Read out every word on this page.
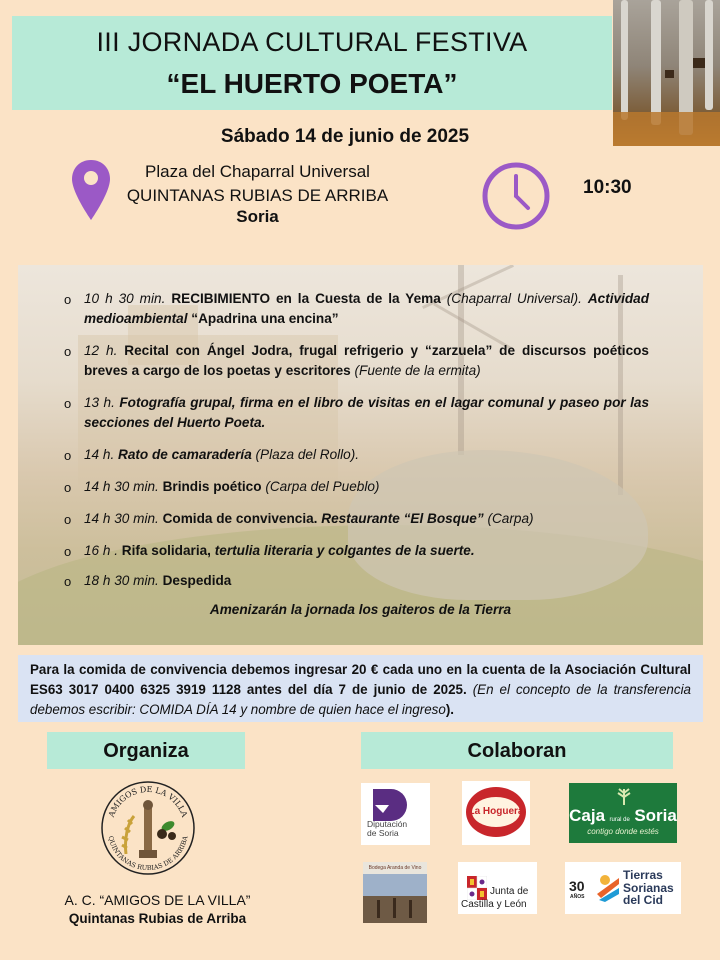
III JORNADA CULTURAL FESTIVA
“EL HUERTO POETA”
Sábado 14 de junio de 2025
Plaza del Chaparral Universal
QUINTANAS RUBIAS DE ARRIBA
Soria
10:30
o 10 h 30 min. RECIBIMIENTO en la Cuesta de la Yema (Chaparral Universal). Actividad medioambiental “Apadrina una encina”
o 12 h. Recital con Ángel Jodra, frugal refrigerio y “zarzuela” de discursos poéticos breves a cargo de los poetas y escritores (Fuente de la ermita)
o 13 h. Fotografía grupal, firma en el libro de visitas en el lagar comunal y paseo por las secciones del Huerto Poeta.
o 14 h. Rato de camaradería (Plaza del Rollo).
o 14 h 30 min. Brindis poético (Carpa del Pueblo)
o 14 h 30 min. Comida de convivencia. Restaurante “El Bosque” (Carpa)
o 16 h . Rifa solidaria, tertulia literaria y colgantes de la suerte.
o 18 h 30 min. Despedida
Amenizarán la jornada los gaiteros de la Tierra
Para la comida de convivencia debemos ingresar 20 € cada uno en la cuenta de la Asociación Cultural ES63 3017 0400 6325 3919 1128 antes del día 7 de junio de 2025. (En el concepto de la transferencia debemos escribir: COMIDA DÍA 14 y nombre de quien hace el ingreso).
Organiza
AMIGOS DE LA VILLA
QUINTANAS RUBIAS DE ARRIBA
A. C. “AMIGOS DE LA VILLA”
Quintanas Rubias de Arriba
Colaboran
Diputación
de Soria
La Hoguera	Caja rural de Soria
contigo donde estés
Bodega Aranda de Vino
Junta de
Castilla y León
30
AÑOS
Tierras
Sorianas
del Cid
